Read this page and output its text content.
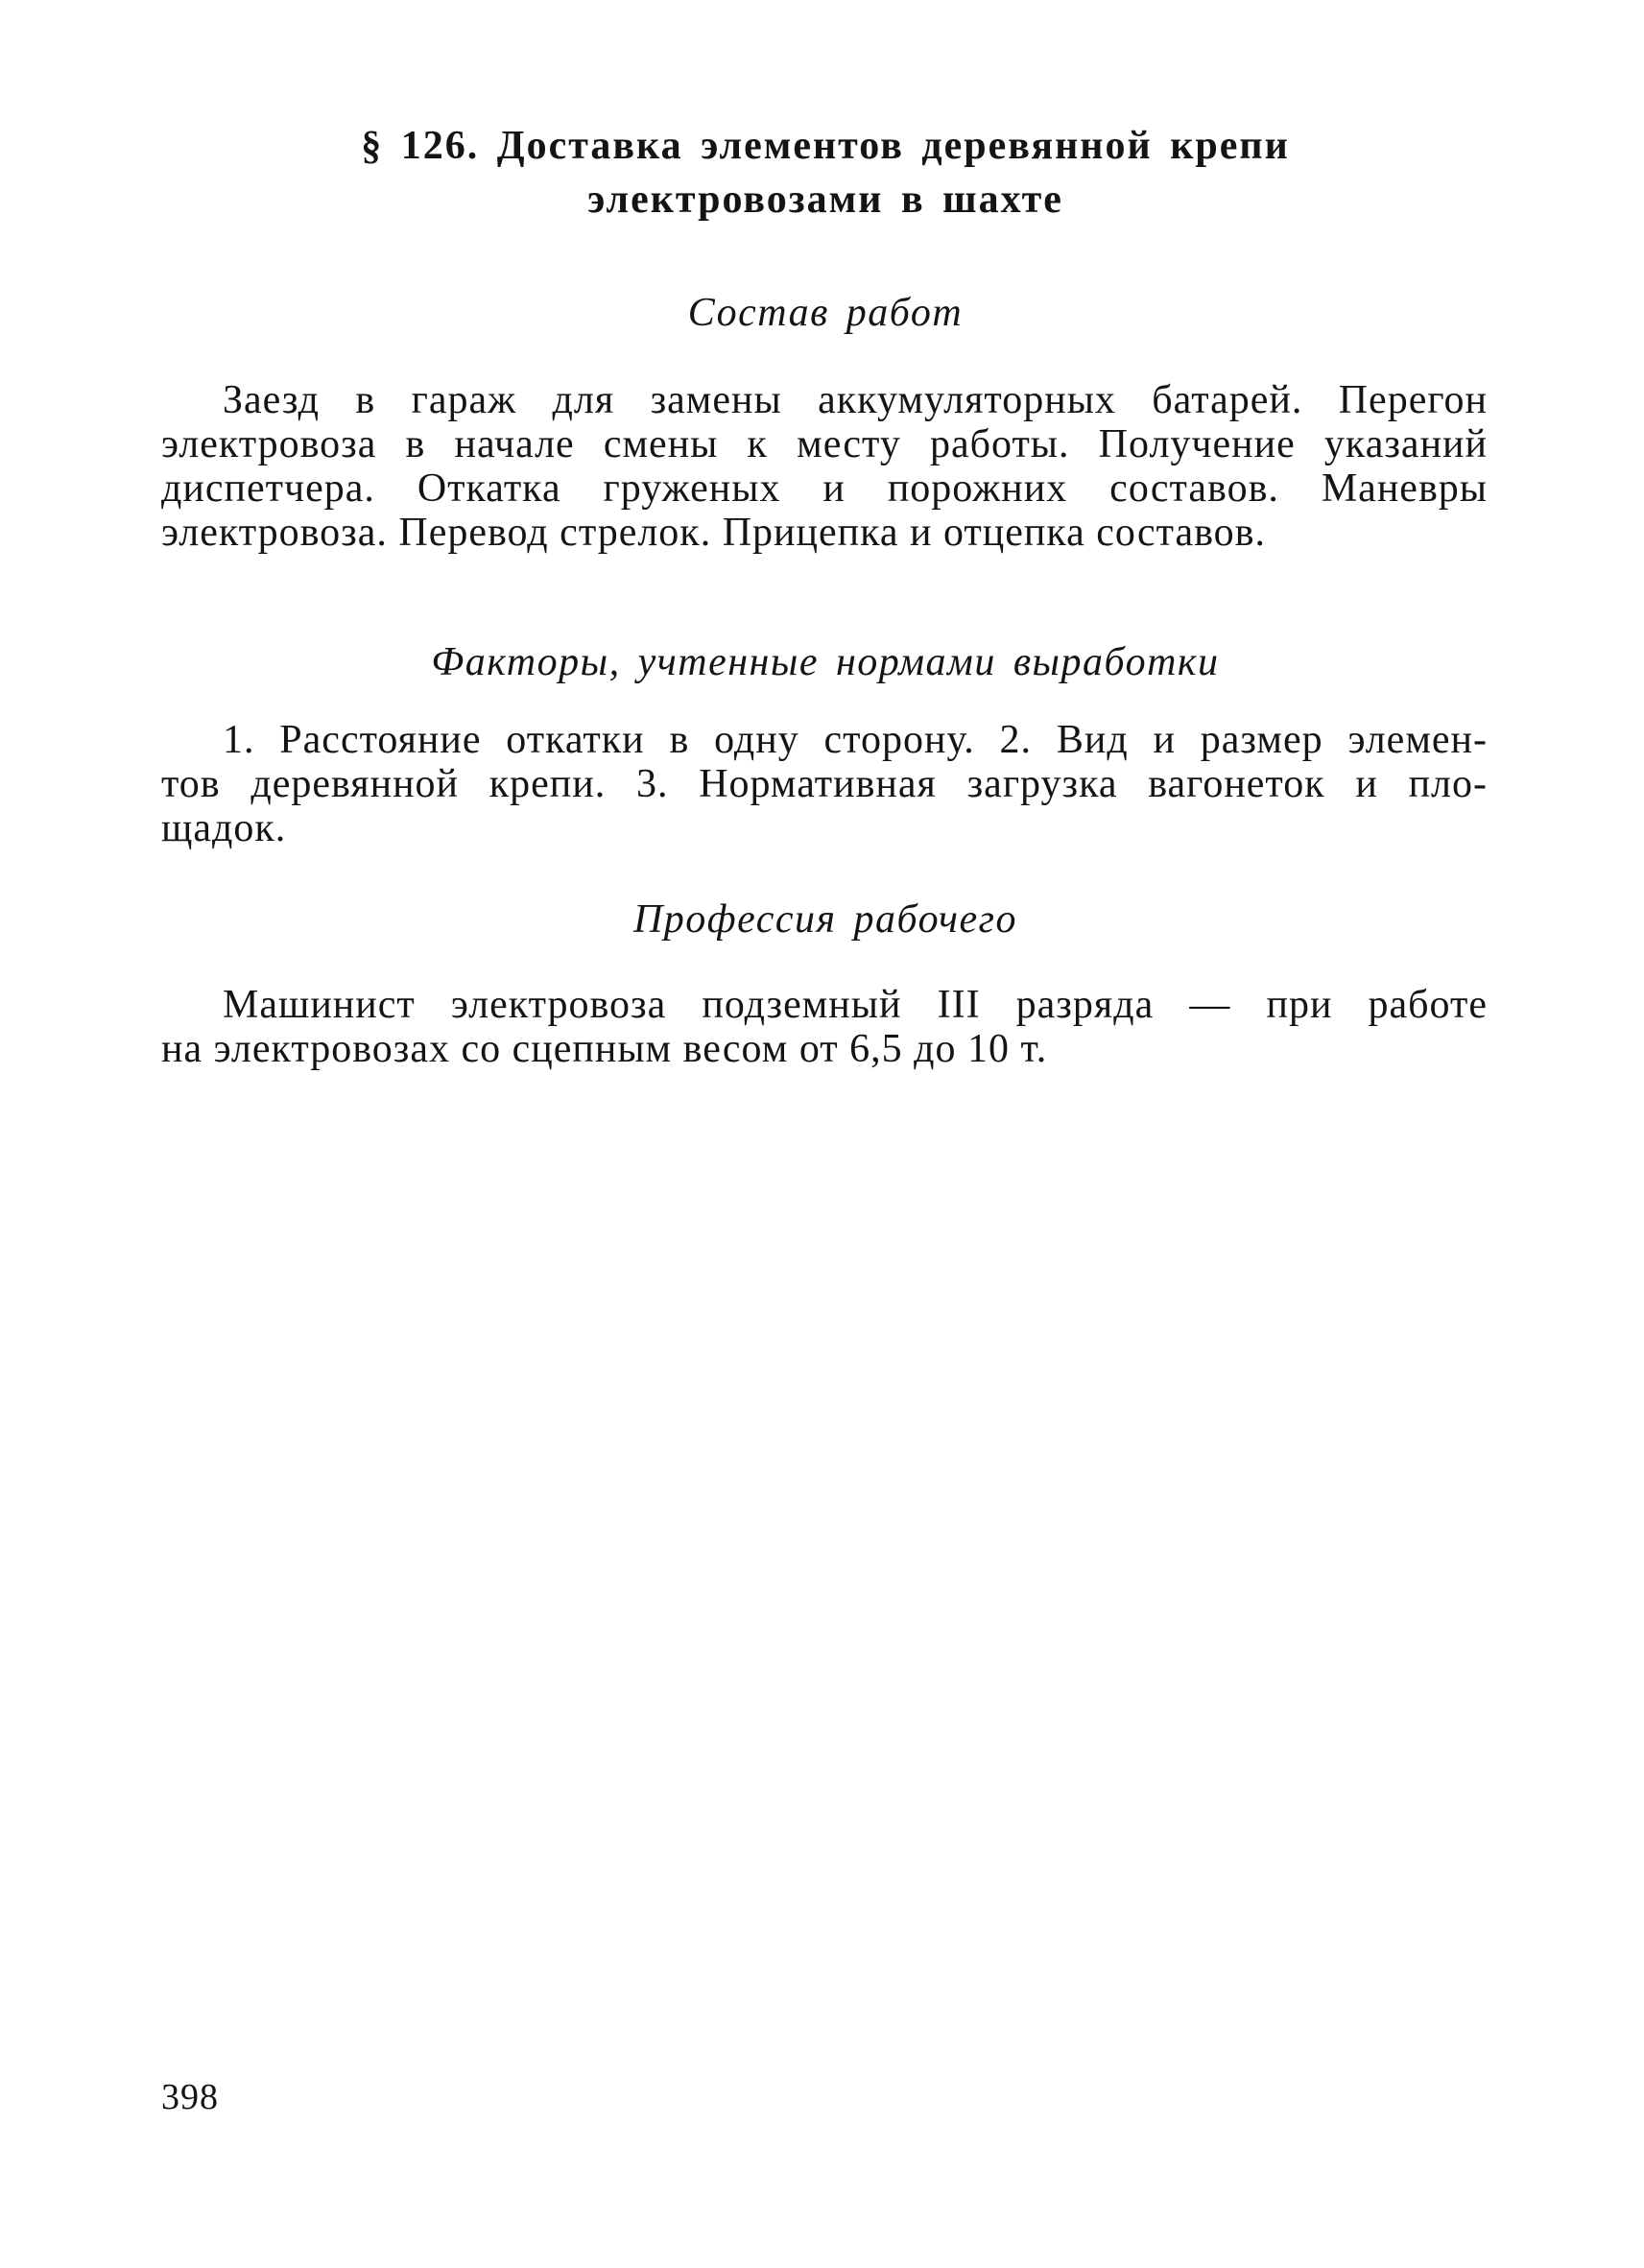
§ 126. Доставка элементов деревянной крепи
электровозами в шахте
Состав работ
Заезд в гараж для замены аккумуляторных батарей. Перегон
электровоза в начале смены к месту работы. Получение указаний
диспетчера. Откатка груженых и порожних составов. Маневры
электровоза. Перевод стрелок. Прицепка и отцепка составов.
Факторы, учтенные нормами выработки
1. Расстояние откатки в одну сторону. 2. Вид и размер элемен-
тов деревянной крепи. 3. Нормативная загрузка вагонеток и пло-
щадок.
Профессия рабочего
Машинист электровоза подземный III разряда — при работе
на электровозах со сцепным весом от 6,5 до 10 т.
398
